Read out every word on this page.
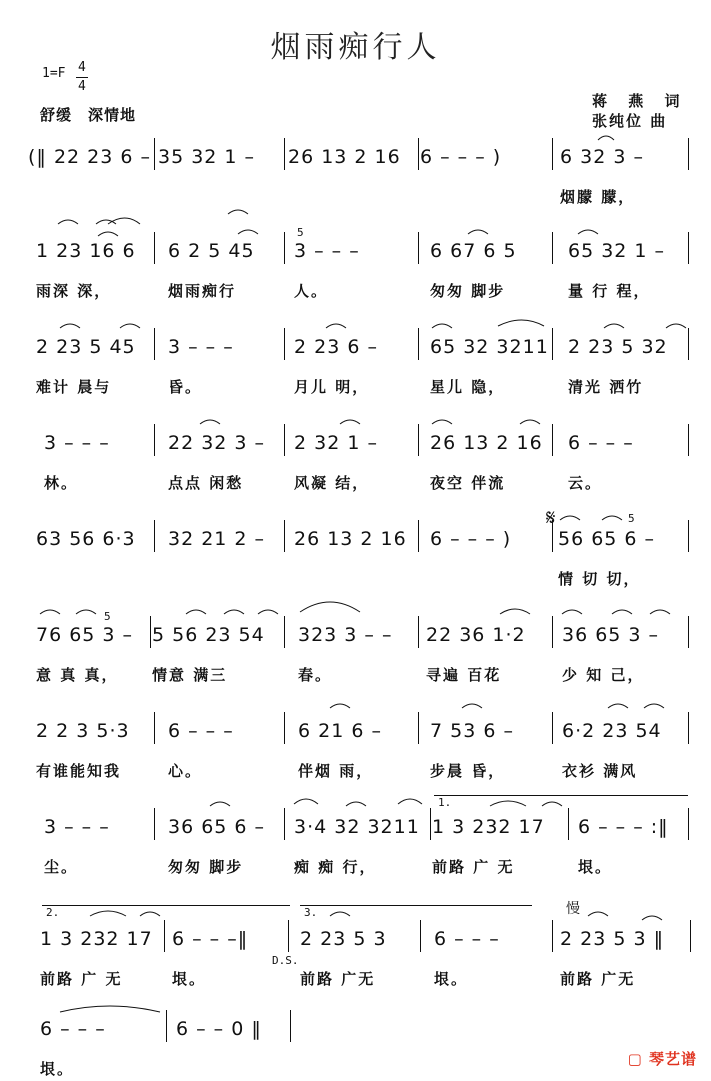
烟雨痴行人
1=F 4
4
舒缓　深情地
蒋 燕 词
张纯位 曲
(‖ 22 23 6 – 35 32 1 – 26 13 2 16 6 – – – )	6 32 3 –
烟朦 朦，
1 23 16 6
雨深 深，
6 2 5 45
烟雨痴行
3 – – –
人。
6 67 6 5
匆匆 脚步
65 32 1 –
量 行 程，
2 23 5 45
难计 晨与
3 – – –
昏。
2 23 6 –
月儿 明，
65 32 3211
星儿 隐，
2 23 5 32
清光 洒竹
3 – – –
林。
22 32 3 –
点点 闲愁
2 32 1 –
风凝 结，
26 13 2 16
夜空 伴流
6 – – –
云。
63 56 6·3 32 21 2 – 26 13 2 16 6 – – – ) 56 65 6 –
情 切 切，
76 65 3 –
意 真 真，
5 56 23 54
情意 满三
323 3 – –
春。
22 36 1·2
寻遍 百花
36 65 3 –
少 知 己，
2 2 3 5·3
有谁能知我
6 – – –
心。
6 21 6 –
伴烟 雨，
7 53 6 –
步晨 昏，
6·2 23 54
衣衫 满风
3 – – –
尘。
36 65 6 –
匆匆 脚步
3·4 32 3211
痴 痴 行，
1 3 232 17
前路 广 无
6 – – – :‖
垠。
1 3 232 17
前路 广 无
6 – – –‖
垠。
2 23 5 3
前路 广无
6 – – –
垠。
2 23 5 3 ‖
前路 广无
6 – – –
垠。
6 – – 0 ‖
1.
2.	3.
D.S.
慢
𝄋
▢ 琴艺谱
5
5
5
